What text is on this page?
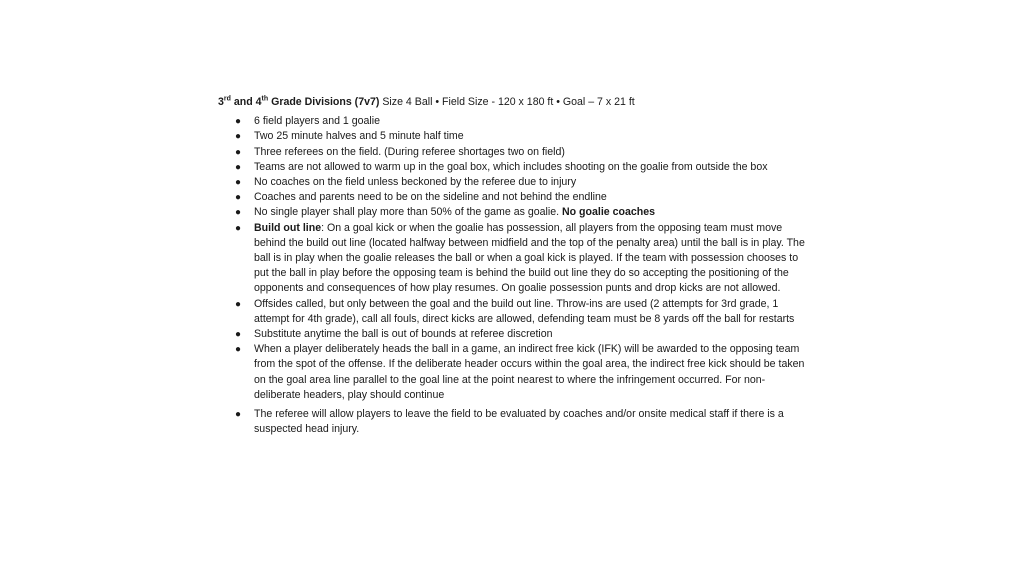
3rd and 4th Grade Divisions (7v7) Size 4 Ball • Field Size - 120 x 180 ft • Goal – 7 x 21 ft
● 6 field players and 1 goalie
● Two 25 minute halves and 5 minute half time
● Three referees on the field. (During referee shortages two on field)
● Teams are not allowed to warm up in the goal box, which includes shooting on the goalie from outside the box
● No coaches on the field unless beckoned by the referee due to injury
● Coaches and parents need to be on the sideline and not behind the endline
● No single player shall play more than 50% of the game as goalie. No goalie coaches
● Build out line: On a goal kick or when the goalie has possession, all players from the opposing team must move behind the build out line (located halfway between midfield and the top of the penalty area) until the ball is in play. The ball is in play when the goalie releases the ball or when a goal kick is played. If the team with possession chooses to put the ball in play before the opposing team is behind the build out line they do so accepting the positioning of the opponents and consequences of how play resumes. On goalie possession punts and drop kicks are not allowed.
● Offsides called, but only between the goal and the build out line. Throw-ins are used (2 attempts for 3rd grade, 1 attempt for 4th grade), call all fouls, direct kicks are allowed, defending team must be 8 yards off the ball for restarts
● Substitute anytime the ball is out of bounds at referee discretion
● When a player deliberately heads the ball in a game, an indirect free kick (IFK) will be awarded to the opposing team from the spot of the offense. If the deliberate header occurs within the goal area, the indirect free kick should be taken on the goal area line parallel to the goal line at the point nearest to where the infringement occurred. For non-deliberate headers, play should continue
● The referee will allow players to leave the field to be evaluated by coaches and/or onsite medical staff if there is a suspected head injury.
